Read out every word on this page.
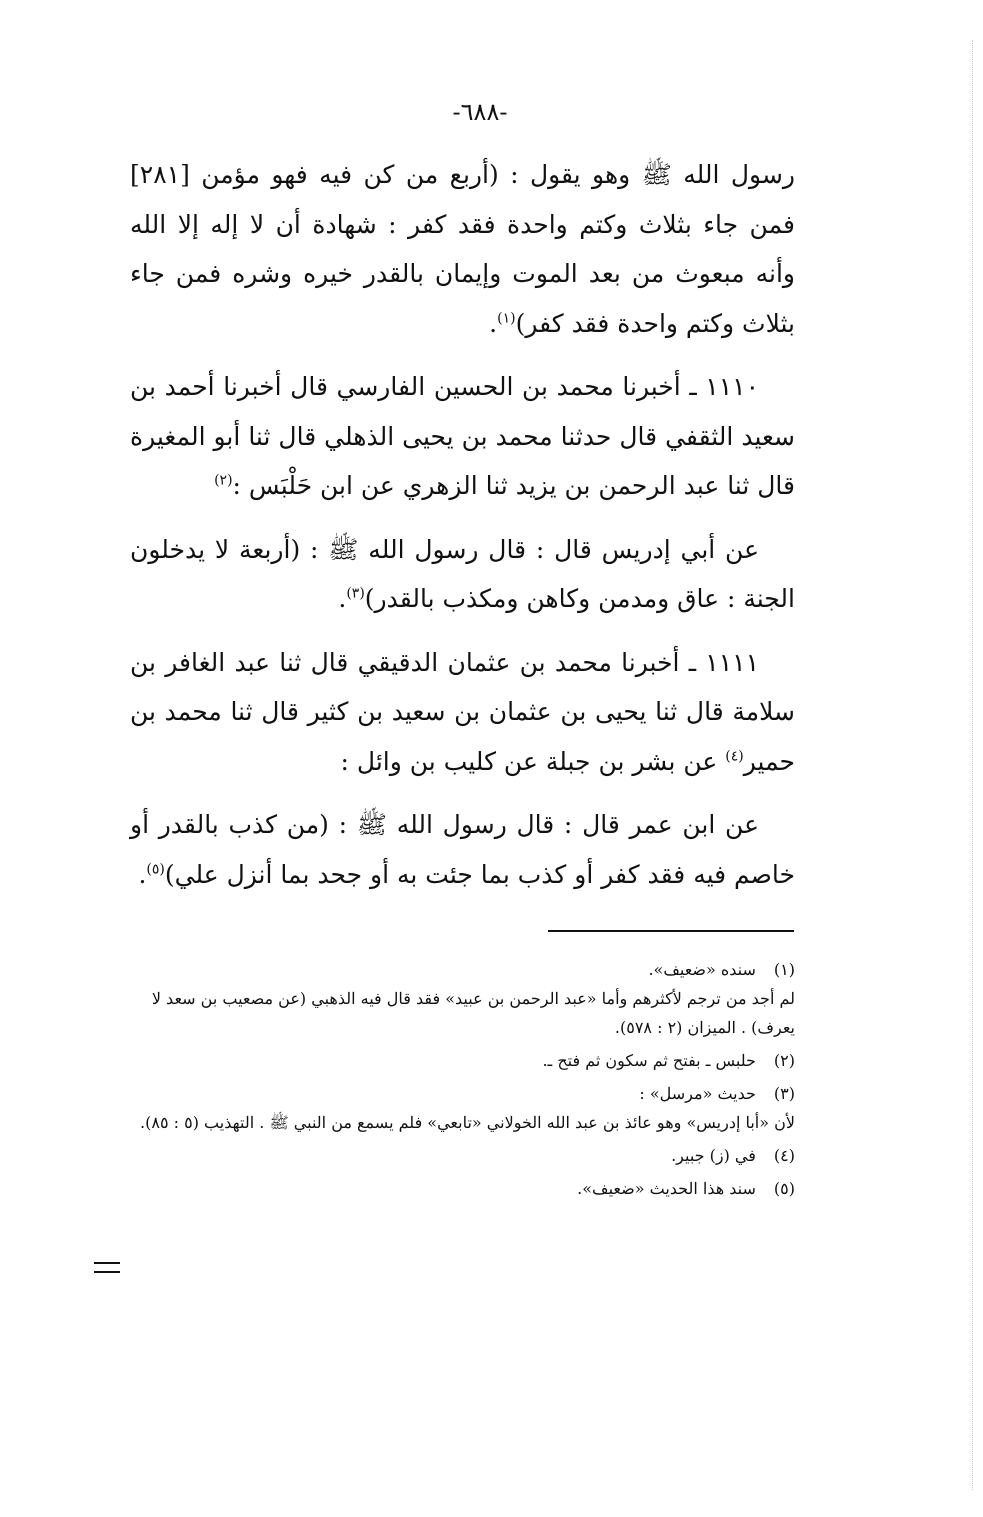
-٦٨٨-

رسول الله ﷺ وهو يقول : (أربع من كن فيه فهو مؤمن [٢٨١] فمن جاء بثلاث وكتم واحدة فقد كفر : شهادة أن لا إله إلا الله وأنه مبعوث من بعد الموت وإيمان بالقدر خيره وشره فمن جاء بثلاث وكتم واحدة فقد كفر)$^{(١)}$.

١١١٠ ـ أخبرنا محمد بن الحسين الفارسي قال أخبرنا أحمد بن سعيد الثقفي قال حدثنا محمد بن يحيى الذهلي قال ثنا أبو المغيرة قال ثنا عبد الرحمن بن يزيد ثنا الزهري عن ابن حَلْبَس :$^{(٢)}$

عن أبي إدريس قال : قال رسول الله ﷺ : (أربعة لا يدخلون الجنة : عاق ومدمن وكاهن ومكذب بالقدر)$^{(٣)}$.

١١١١ ـ أخبرنا محمد بن عثمان الدقيقي قال ثنا عبد الغافر بن سلامة قال ثنا يحيى بن عثمان بن سعيد بن كثير قال ثنا محمد بن حمير$^{(٤)}$ عن بشر بن جبلة عن كليب بن وائل :

عن ابن عمر قال : قال رسول الله ﷺ : (من كذب بالقدر أو خاصم فيه فقد كفر أو كذب بما جئت به أو جحد بما أنزل علي)$^{(٥)}$.

(١) سنده «ضعيف».
لم أجد من ترجم لأكثرهم وأما «عبد الرحمن بن عبيد» فقد قال فيه الذهبي (عن مصعيب بن سعد لا يعرف) . الميزان (٢ : ٥٧٨).
(٢) حلبس ـ بفتح ثم سكون ثم فتح ـ.
(٣) حديث «مرسل» :
لأن «أبا إدريس» وهو عائذ بن عبد الله الخولاني «تابعي» فلم يسمع من النبي ﷺ . التهذيب (٥ : ٨٥).
(٤) في (ز) جبير.
(٥) سند هذا الحديث «ضعيف».
